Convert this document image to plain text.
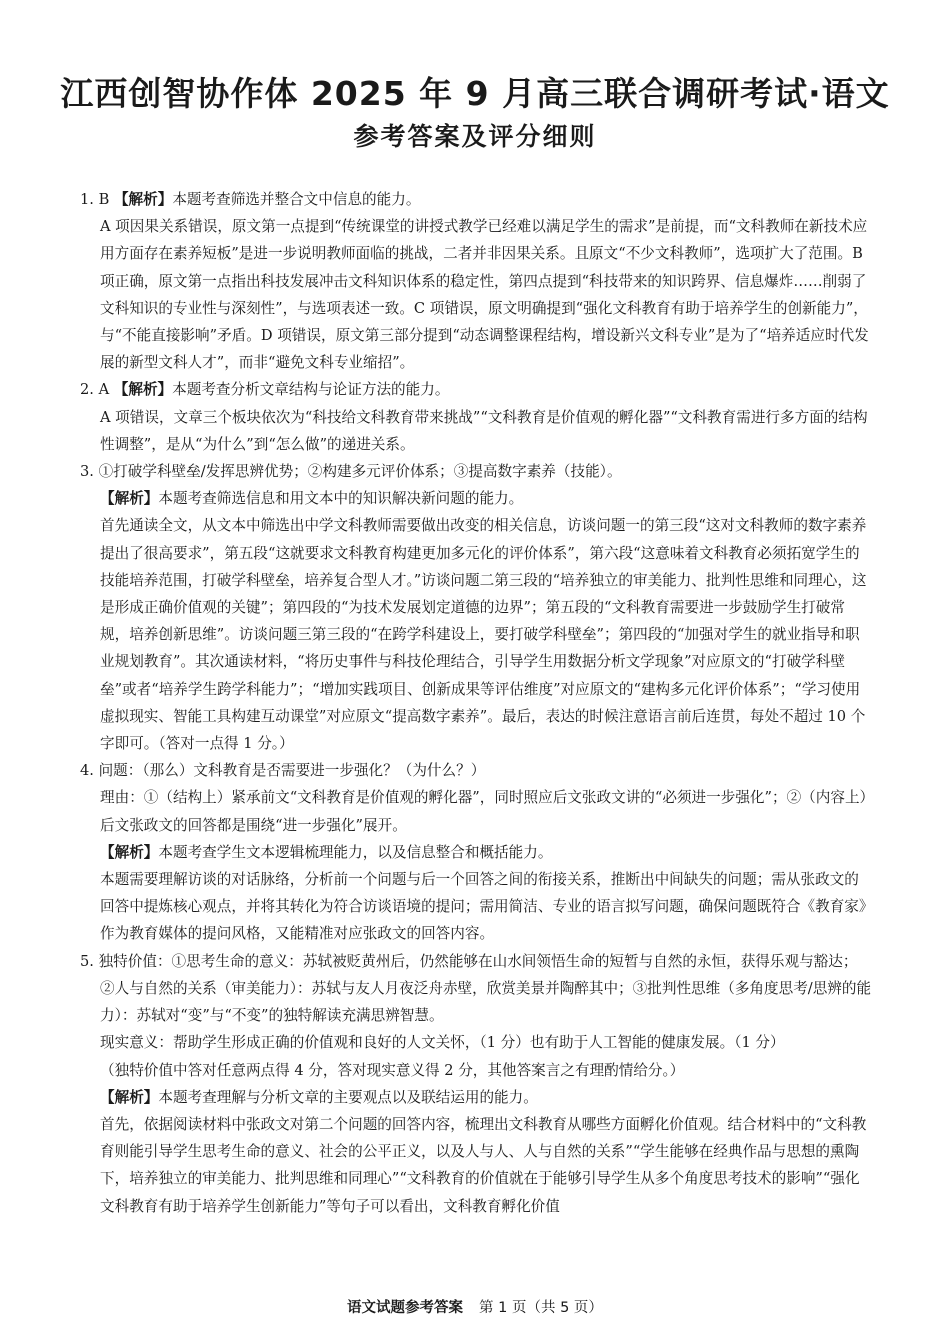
江西创智协作体 2025 年 9 月高三联合调研考试·语文
参考答案及评分细则

1. B 【解析】本题考查筛选并整合文中信息的能力。

A 项因果关系错误，原文第一点提到“传统课堂的讲授式教学已经难以满足学生的需求”是前提，而“文科教师在新技术应用方面存在素养短板”是进一步说明教师面临的挑战，二者并非因果关系。且原文“不少文科教师”，选项扩大了范围。B 项正确，原文第一点指出科技发展冲击文科知识体系的稳定性，第四点提到“科技带来的知识跨界、信息爆炸……削弱了文科知识的专业性与深刻性”，与选项表述一致。C 项错误，原文明确提到“强化文科教育有助于培养学生的创新能力”，与“不能直接影响”矛盾。D 项错误，原文第三部分提到“动态调整课程结构，增设新兴文科专业”是为了“培养适应时代发展的新型文科人才”，而非“避免文科专业缩招”。

2. A 【解析】本题考查分析文章结构与论证方法的能力。

A 项错误，文章三个板块依次为“科技给文科教育带来挑战”“文科教育是价值观的孵化器”“文科教育需进行多方面的结构性调整”，是从“为什么”到“怎么做”的递进关系。

3. ①打破学科壁垒/发挥思辨优势；②构建多元评价体系；③提高数字素养（技能）。

【解析】本题考查筛选信息和用文本中的知识解决新问题的能力。

首先通读全文，从文本中筛选出中学文科教师需要做出改变的相关信息，访谈问题一的第三段“这对文科教师的数字素养提出了很高要求”，第五段“这就要求文科教育构建更加多元化的评价体系”，第六段“这意味着文科教育必须拓宽学生的技能培养范围，打破学科壁垒，培养复合型人才。”访谈问题二第三段的“培养独立的审美能力、批判性思维和同理心，这是形成正确价值观的关键”；第四段的“为技术发展划定道德的边界”；第五段的“文科教育需要进一步鼓励学生打破常规，培养创新思维”。访谈问题三第三段的“在跨学科建设上，要打破学科壁垒”；第四段的“加强对学生的就业指导和职业规划教育”。其次通读材料，“将历史事件与科技伦理结合，引导学生用数据分析文学现象”对应原文的“打破学科壁垒”或者“培养学生跨学科能力”；“增加实践项目、创新成果等评估维度”对应原文的“建构多元化评价体系”；“学习使用虚拟现实、智能工具构建互动课堂”对应原文“提高数字素养”。最后，表达的时候注意语言前后连贯，每处不超过 10 个字即可。（答对一点得 1 分。）

4. 问题：（那么）文科教育是否需要进一步强化？（为什么？）

理由：①（结构上）紧承前文“文科教育是价值观的孵化器”，同时照应后文张政文讲的“必须进一步强化”；②（内容上）后文张政文的回答都是围绕“进一步强化”展开。

【解析】本题考查学生文本逻辑梳理能力，以及信息整合和概括能力。

本题需要理解访谈的对话脉络，分析前一个问题与后一个回答之间的衔接关系，推断出中间缺失的问题；需从张政文的回答中提炼核心观点，并将其转化为符合访谈语境的提问；需用简洁、专业的语言拟写问题，确保问题既符合《教育家》作为教育媒体的提问风格，又能精准对应张政文的回答内容。

5. 独特价值：①思考生命的意义：苏轼被贬黄州后，仍然能够在山水间领悟生命的短暂与自然的永恒，获得乐观与豁达；②人与自然的关系（审美能力）：苏轼与友人月夜泛舟赤壁，欣赏美景并陶醉其中；③批判性思维（多角度思考/思辨的能力）：苏轼对“变”与“不变”的独特解读充满思辨智慧。

现实意义：帮助学生形成正确的价值观和良好的人文关怀，（1 分）也有助于人工智能的健康发展。（1 分）

（独特价值中答对任意两点得 4 分，答对现实意义得 2 分，其他答案言之有理酌情给分。）

【解析】本题考查理解与分析文章的主要观点以及联结运用的能力。

首先，依据阅读材料中张政文对第二个问题的回答内容，梳理出文科教育从哪些方面孵化价值观。结合材料中的“文科教育则能引导学生思考生命的意义、社会的公平正义，以及人与人、人与自然的关系”“学生能够在经典作品与思想的熏陶下，培养独立的审美能力、批判思维和同理心”“文科教育的价值就在于能够引导学生从多个角度思考技术的影响”“强化文科教育有助于培养学生创新能力”等句子可以看出，文科教育孵化价值

语文试题参考答案 第 1 页（共 5 页）
